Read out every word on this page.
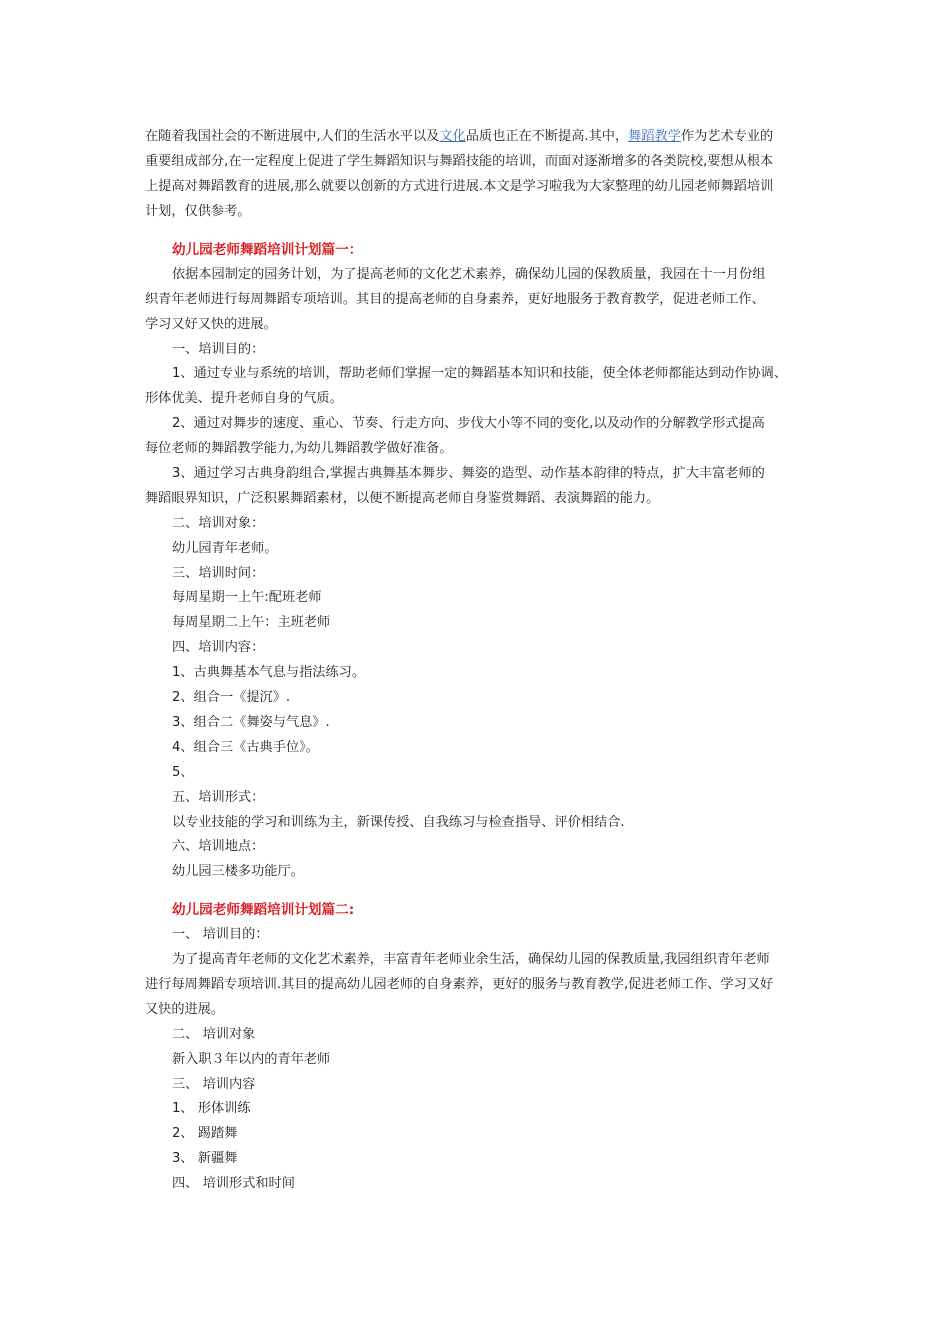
在随着我国社会的不断进展中,人们的生活水平以及文化品质也正在不断提高.其中，舞蹈教学作为艺术专业的
重要组成部分,在一定程度上促进了学生舞蹈知识与舞蹈技能的培训，而面对逐渐增多的各类院校,要想从根本
上提高对舞蹈教育的进展,那么就要以创新的方式进行进展.本文是学习啦我为大家整理的幼儿园老师舞蹈培训
计划，仅供参考。
幼儿园老师舞蹈培训计划篇一：
依据本园制定的园务计划，为了提高老师的文化艺术素养，确保幼儿园的保教质量，我园在十一月份组
织青年老师进行每周舞蹈专项培训。其目的提高老师的自身素养，更好地服务于教育教学，促进老师工作、
学习又好又快的进展。
一、培训目的：
1、通过专业与系统的培训，帮助老师们掌握一定的舞蹈基本知识和技能，使全体老师都能达到动作协调、
形体优美、提升老师自身的气质。
2、通过对舞步的速度、重心、节奏、行走方向、步伐大小等不同的变化,以及动作的分解教学形式提高
每位老师的舞蹈教学能力,为幼儿舞蹈教学做好准备。
3、通过学习古典身韵组合,掌握古典舞基本舞步、舞姿的造型、动作基本韵律的特点，扩大丰富老师的
舞蹈眼界知识，广泛积累舞蹈素材，以便不断提高老师自身鉴赏舞蹈、表演舞蹈的能力。
二、培训对象：
幼儿园青年老师。
三、培训时间：
每周星期一上午:配班老师
每周星期二上午：主班老师
四、培训内容：
1、古典舞基本气息与指法练习。
2、组合一《提沉》.
3、组合二《舞姿与气息》.
4、组合三《古典手位》。
5、
五、培训形式：
以专业技能的学习和训练为主，新课传授、自我练习与检查指导、评价相结合.
六、培训地点：
幼儿园三楼多功能厅。
幼儿园老师舞蹈培训计划篇二:
一、 培训目的：
为了提高青年老师的文化艺术素养，丰富青年老师业余生活，确保幼儿园的保教质量,我园组织青年老师
进行每周舞蹈专项培训.其目的提高幼儿园老师的自身素养，更好的服务与教育教学,促进老师工作、学习又好
又快的进展。
二、 培训对象
新入职３年以内的青年老师
三、 培训内容
1、 形体训练
2、 踢踏舞
3、 新疆舞
四、 培训形式和时间
